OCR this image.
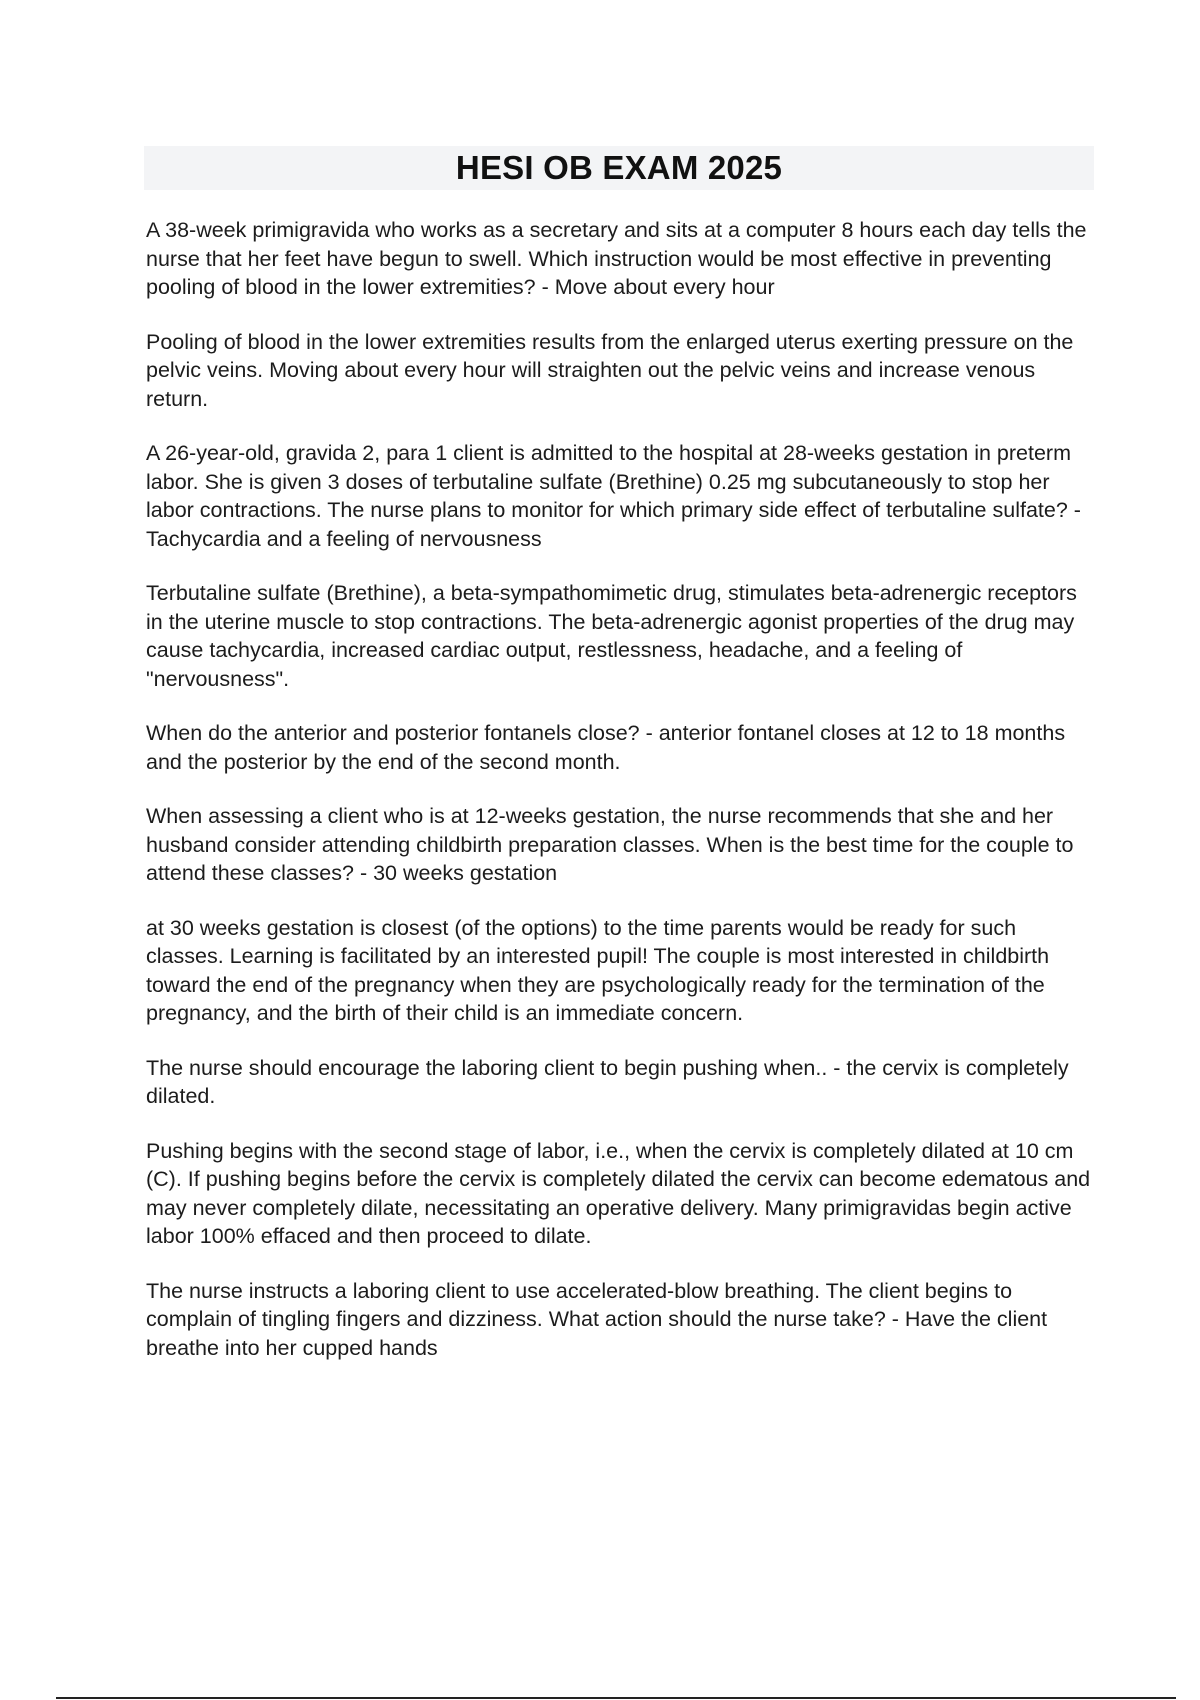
HESI OB EXAM 2025

A 38-week primigravida who works as a secretary and sits at a computer 8 hours each day tells the nurse that her feet have begun to swell. Which instruction would be most effective in preventing pooling of blood in the lower extremities? - Move about every hour

Pooling of blood in the lower extremities results from the enlarged uterus exerting pressure on the pelvic veins. Moving about every hour will straighten out the pelvic veins and increase venous return.

A 26-year-old, gravida 2, para 1 client is admitted to the hospital at 28-weeks gestation in preterm labor. She is given 3 doses of terbutaline sulfate (Brethine) 0.25 mg subcutaneously to stop her labor contractions. The nurse plans to monitor for which primary side effect of terbutaline sulfate? - Tachycardia and a feeling of nervousness

Terbutaline sulfate (Brethine), a beta-sympathomimetic drug, stimulates beta-adrenergic receptors in the uterine muscle to stop contractions. The beta-adrenergic agonist properties of the drug may cause tachycardia, increased cardiac output, restlessness, headache, and a feeling of "nervousness".

When do the anterior and posterior fontanels close? - anterior fontanel closes at 12 to 18 months and the posterior by the end of the second month.

When assessing a client who is at 12-weeks gestation, the nurse recommends that she and her husband consider attending childbirth preparation classes. When is the best time for the couple to attend these classes? - 30 weeks gestation

at 30 weeks gestation is closest (of the options) to the time parents would be ready for such classes. Learning is facilitated by an interested pupil! The couple is most interested in childbirth toward the end of the pregnancy when they are psychologically ready for the termination of the pregnancy, and the birth of their child is an immediate concern.

The nurse should encourage the laboring client to begin pushing when.. - the cervix is completely dilated.

Pushing begins with the second stage of labor, i.e., when the cervix is completely dilated at 10 cm (C). If pushing begins before the cervix is completely dilated the cervix can become edematous and may never completely dilate, necessitating an operative delivery. Many primigravidas begin active labor 100% effaced and then proceed to dilate.

The nurse instructs a laboring client to use accelerated-blow breathing. The client begins to complain of tingling fingers and dizziness. What action should the nurse take? - Have the client breathe into her cupped hands
